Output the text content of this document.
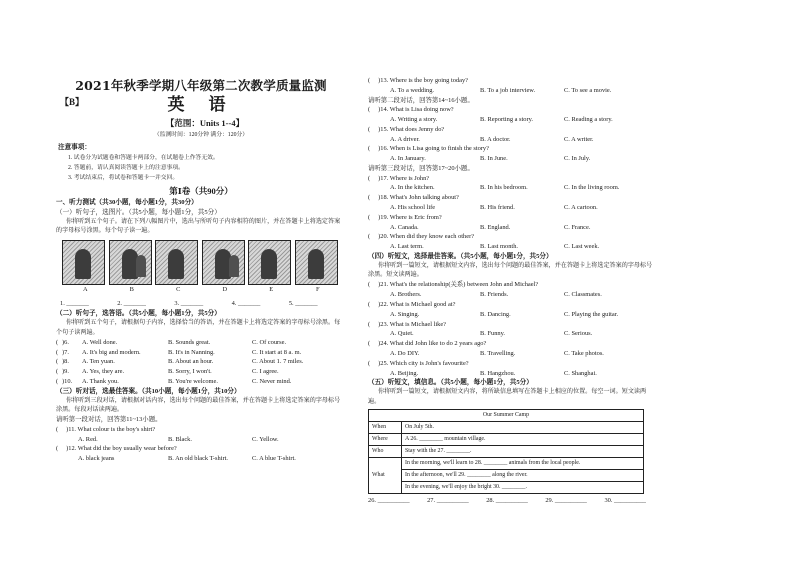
2021年秋季学期八年级第二次教学质量监测
【B】	英 语
【范围：Units 1--4】
（监测时间：120分钟 满分：120分）
注意事项：
1. 试卷分为试题卷和答题卡两部分，在试题卷上作答无效。
2. 答题前，请认真阅读答题卡上的注意事项。
3. 考试结束后，将试卷和答题卡一并交回。
第Ⅰ卷（共90分）
一、听力测试（共30小题，每小题1分，共30分）
（一）听句子，选图片。（共5小题，每小题1分，共5分）
你将听到五个句子。请在下列八幅图片中，选出与所听句子内容相符的图片，并在答题卡上将选定答案的字母标号涂黑。每个句子读一遍。
A	B	C	D	E	F
1. _______	2. _______	3. _______	4. _______	5. _______
（二）听句子，选答语。（共5小题，每小题1分，共5分）
你将听到五个句子，请根据句子内容，选择恰当的答语，并在答题卡上将选定答案的字母标号涂黑。每个句子读两遍。
( )6. A. Well done.	B. Sounds great.	C. Of course.
( )7. A. It's big and modern.	B. It's in Nanning.	C. It start at 8 a. m.
( )8. A. Ten yuan.	B. About an hour.	C. About 1. 7 miles.
( )9. A. Yes, they are.	B. Sorry, I won't.	C. I agree.
( )10. A. Thank you.	B. You're welcome.	C. Never mind.
（三）听对话，选最佳答案。（共10小题，每小题1分，共10分）
你将听到三段对话，请根据对话内容，选出每个问题的最佳答案，并在答题卡上将选定答案的字母标号涂黑。每段对话读两遍。
请听第一段对话，回答第11~13小题。
( )11. What colour is the boy's shirt?
A. Red.	B. Black.	C. Yellow.
( )12. What did the boy usually wear before?
A. black jeans	B. An old black T-shirt.	C. A blue T-shirt.
( )13. Where is the boy going today?
A. To a wedding.	B. To a job interview.	C. To see a movie.
请听第二段对话，回答第14~16小题。
( )14. What is Lisa doing now?
A. Writing a story.	B. Reporting a story.	C. Reading a story.
( )15. What does Jenny do?
A. A driver.	B. A doctor.	C. A writer.
( )16. When is Lisa going to finish the story?
A. In January.	B. In June.	C. In July.
请听第三段对话，回答第17~20小题。
( )17. Where is John?
A. In the kitchen.	B. In his bedroom.	C. In the living room.
( )18. What's John talking about?
A. His school life	B. His friend.	C. A cartoon.
( )19. Where is Eric from?
A. Canada.	B. England.	C. France.
( )20. When did they know each other?
A. Last term.	B. Last month.	C. Last week.
（四）听短文，选择最佳答案。（共5小题，每小题1分，共5分）
你将听到一篇短文，请根据短文内容，选出每个问题的最佳答案，并在答题卡上将选定答案的字母标号涂黑。短文读两遍。
( )21. What's the relationship(关系) between John and Michael?
A. Brothers.	B. Friends.	C. Classmates.
( )22. What is Michael good at?
A. Singing.	B. Dancing.	C. Playing the guitar.
( )23. What is Michael like?
A. Quiet.	B. Funny.	C. Serious.
( )24. What did John like to do 2 years ago?
A. Do DIY.	B. Travelling.	C. Take photos.
( )25. Which city is John's favourite?
A. Beijing.	B. Hangzhou.	C. Shanghai.
（五）听短文，填信息。（共5小题，每小题1分，共5分）
你将听到一篇短文，请根据短文内容，将所缺信息填写在答题卡上相应的位置。每空一词。短文读两遍。
Our Summer Camp	
When	On July 5th.
Where	A 26. ________ mountain village.
Who	Stay with the 27. ________.
What	In the morning, we'll learn to 28. ________ animals from the local people.
	In the afternoon, we'll 29. ________ along the river.
	In the evening, we'll enjoy the bright 30. ________.
26. __________	27. __________	28. __________	29. __________	30. __________
